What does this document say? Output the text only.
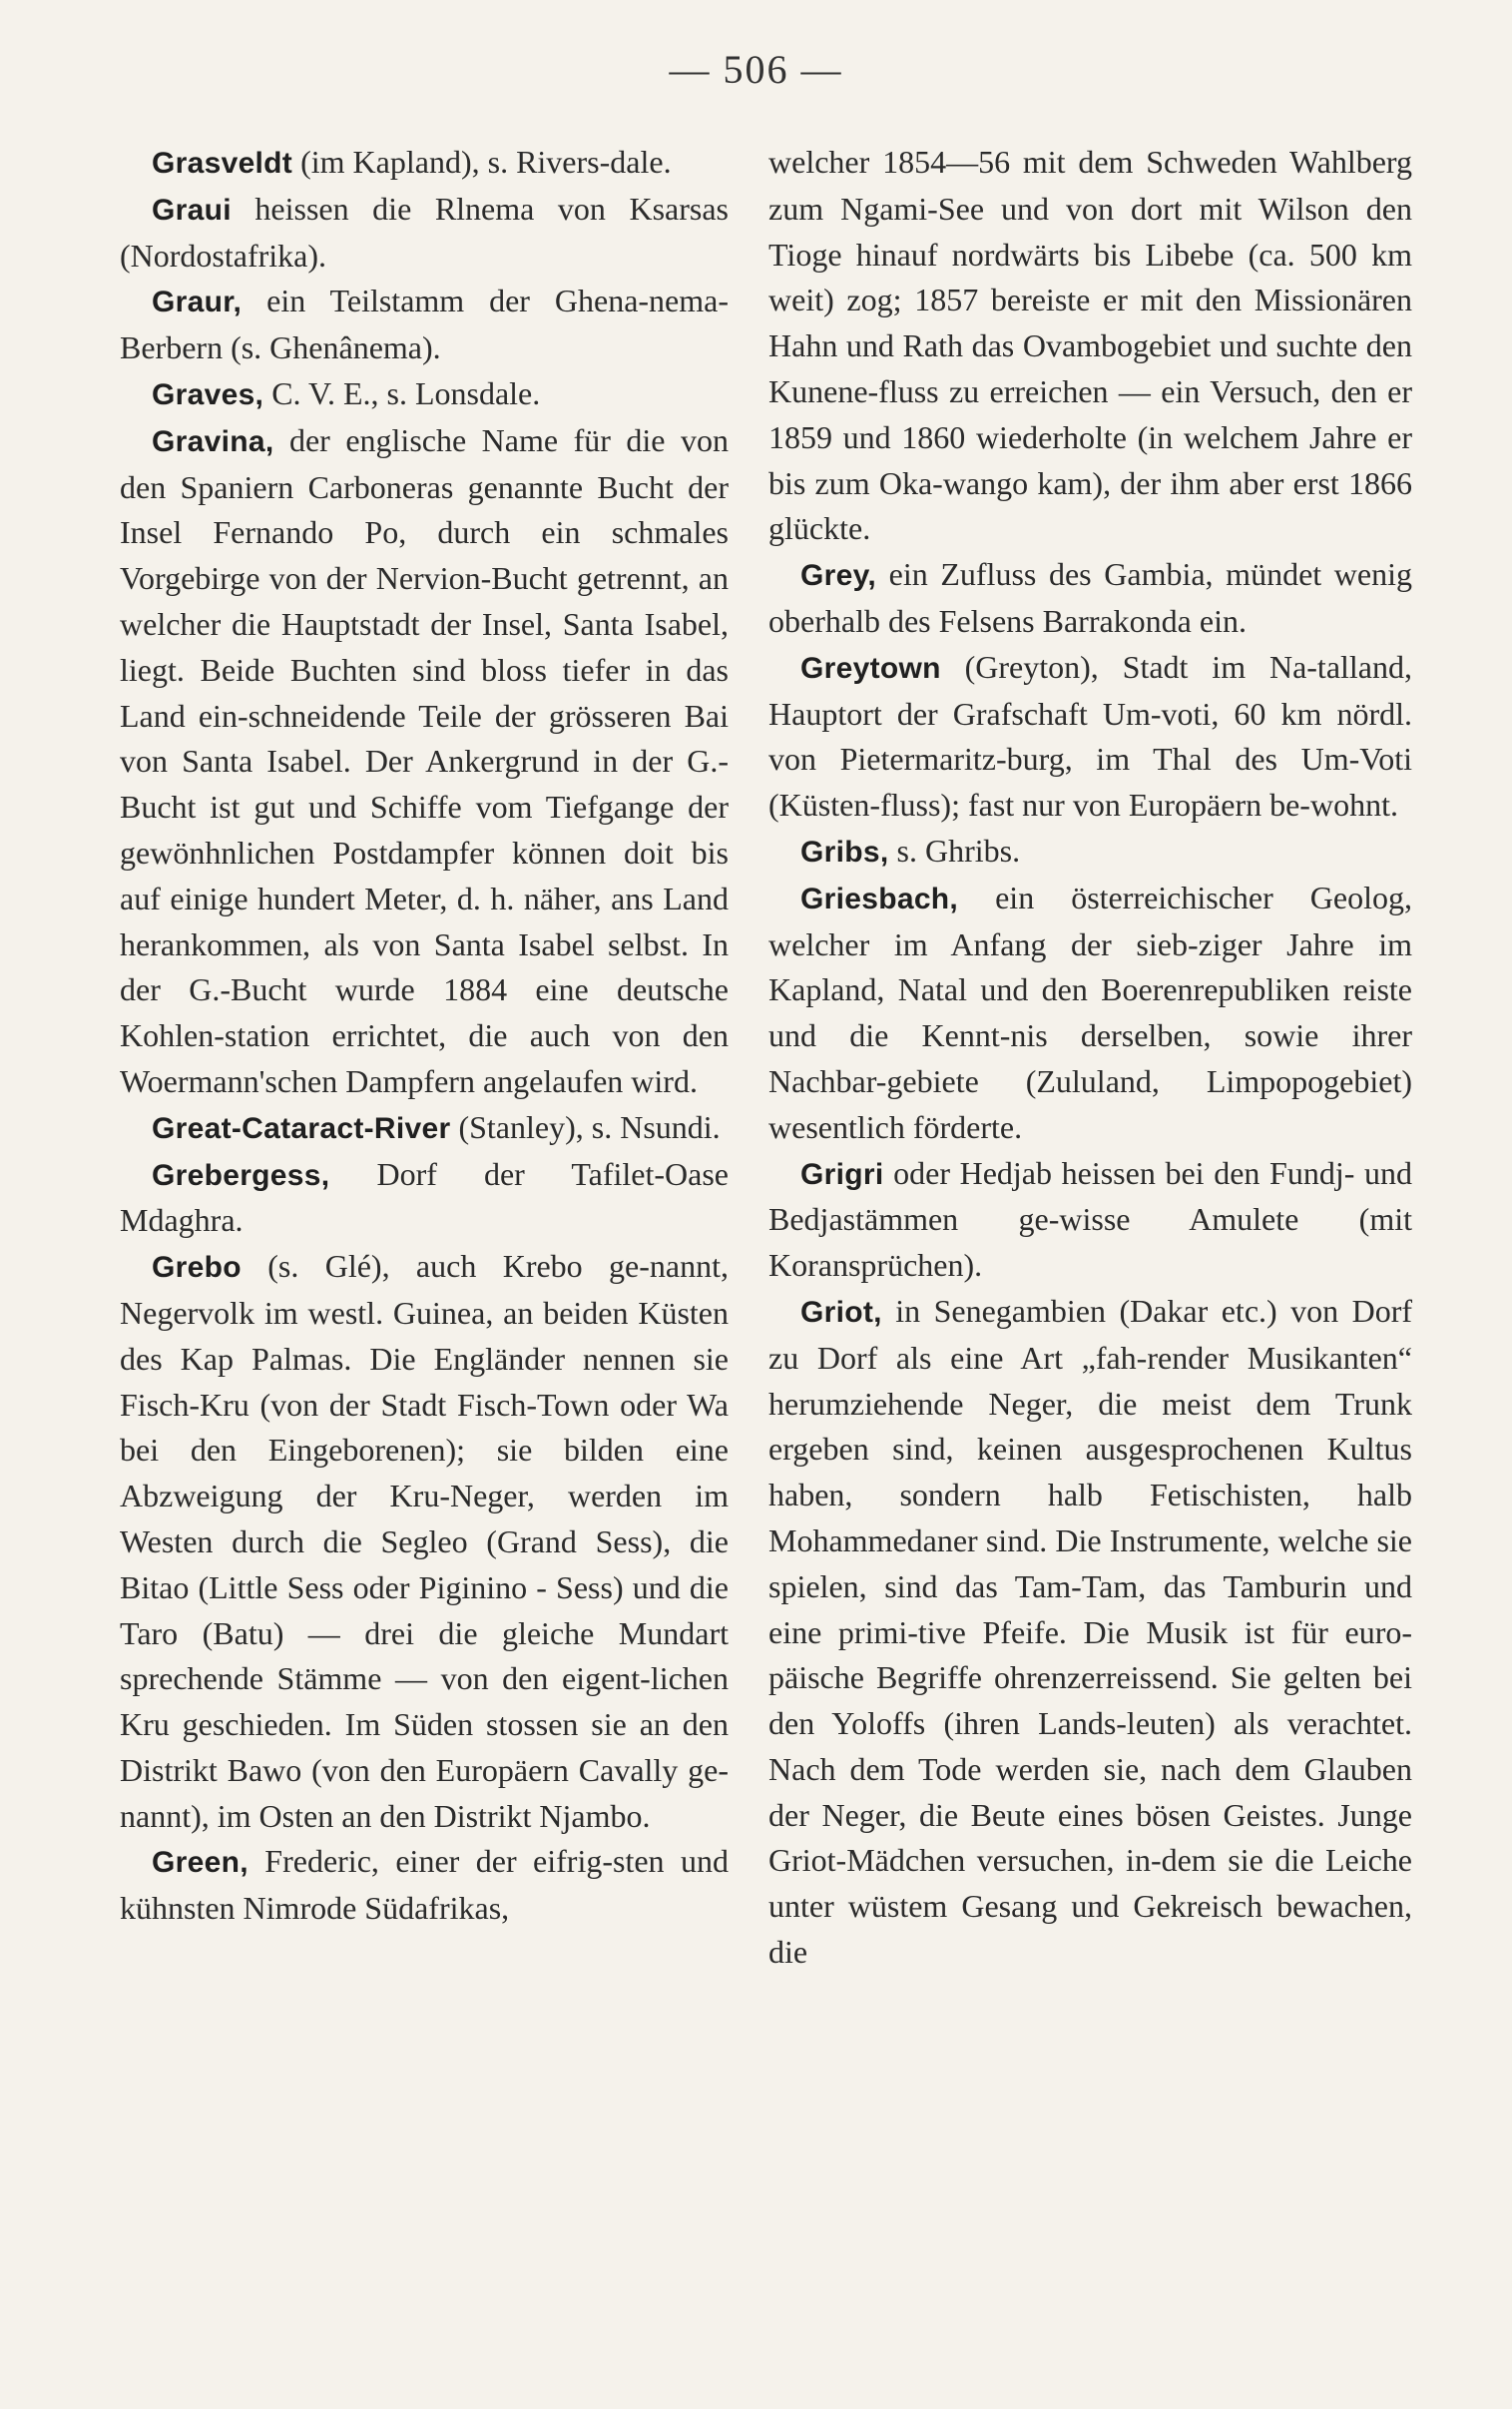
— 506 —

Grasveldt (im Kapland), s. Rivers-dale.

Graui heissen die Rlnema von Ksarsas (Nordostafrika).

Graur, ein Teilstamm der Ghena-nema-Berbern (s. Ghenânema).

Graves, C. V. E., s. Lonsdale.

Gravina, der englische Name für die von den Spaniern Carboneras genannte Bucht der Insel Fernando Po, durch ein schmales Vorgebirge von der Nervion-Bucht getrennt, an welcher die Hauptstadt der Insel, Santa Isabel, liegt. Beide Buchten sind bloss tiefer in das Land ein-schneidende Teile der grösseren Bai von Santa Isabel. Der Ankergrund in der G.-Bucht ist gut und Schiffe vom Tiefgange der gewönhnlichen Postdampfer können doit bis auf einige hundert Meter, d. h. näher, ans Land herankommen, als von Santa Isabel selbst. In der G.-Bucht wurde 1884 eine deutsche Kohlen-station errichtet, die auch von den Woermann'schen Dampfern angelaufen wird.

Great-Cataract-River (Stanley), s. Nsundi.

Grebergess, Dorf der Tafilet-Oase Mdaghra.

Grebo (s. Glé), auch Krebo ge-nannt, Negervolk im westl. Guinea, an beiden Küsten des Kap Palmas. Die Engländer nennen sie Fisch-Kru (von der Stadt Fisch-Town oder Wa bei den Eingeborenen); sie bilden eine Abzweigung der Kru-Neger, werden im Westen durch die Segleo (Grand Sess), die Bitao (Little Sess oder Piginino - Sess) und die Taro (Batu) — drei die gleiche Mundart sprechende Stämme — von den eigent-lichen Kru geschieden. Im Süden stossen sie an den Distrikt Bawo (von den Europäern Cavally ge-nannt), im Osten an den Distrikt Njambo.

Green, Frederic, einer der eifrig-sten und kühnsten Nimrode Südafrikas,

welcher 1854—56 mit dem Schweden Wahlberg zum Ngami-See und von dort mit Wilson den Tioge hinauf nordwärts bis Libebe (ca. 500 km weit) zog; 1857 bereiste er mit den Missionären Hahn und Rath das Ovambogebiet und suchte den Kunene-fluss zu erreichen — ein Versuch, den er 1859 und 1860 wiederholte (in welchem Jahre er bis zum Oka-wango kam), der ihm aber erst 1866 glückte.

Grey, ein Zufluss des Gambia, mündet wenig oberhalb des Felsens Barrakonda ein.

Greytown (Greyton), Stadt im Na-talland, Hauptort der Grafschaft Um-voti, 60 km nördl. von Pietermaritz-burg, im Thal des Um-Voti (Küsten-fluss); fast nur von Europäern be-wohnt.

Gribs, s. Ghribs.

Griesbach, ein österreichischer Geolog, welcher im Anfang der sieb-ziger Jahre im Kapland, Natal und den Boerenrepubliken reiste und die Kennt-nis derselben, sowie ihrer Nachbar-gebiete (Zululand, Limpopogebiet) wesentlich förderte.

Grigri oder Hedjab heissen bei den Fundj- und Bedjastämmen ge-wisse Amulete (mit Koransprüchen).

Griot, in Senegambien (Dakar etc.) von Dorf zu Dorf als eine Art „fah-render Musikanten“ herumziehende Neger, die meist dem Trunk ergeben sind, keinen ausgesprochenen Kultus haben, sondern halb Fetischisten, halb Mohammedaner sind. Die Instrumente, welche sie spielen, sind das Tam-Tam, das Tamburin und eine primi-tive Pfeife. Die Musik ist für euro-päische Begriffe ohrenzerreissend. Sie gelten bei den Yoloffs (ihren Lands-leuten) als verachtet. Nach dem Tode werden sie, nach dem Glauben der Neger, die Beute eines bösen Geistes. Junge Griot-Mädchen versuchen, in-dem sie die Leiche unter wüstem Gesang und Gekreisch bewachen, die
